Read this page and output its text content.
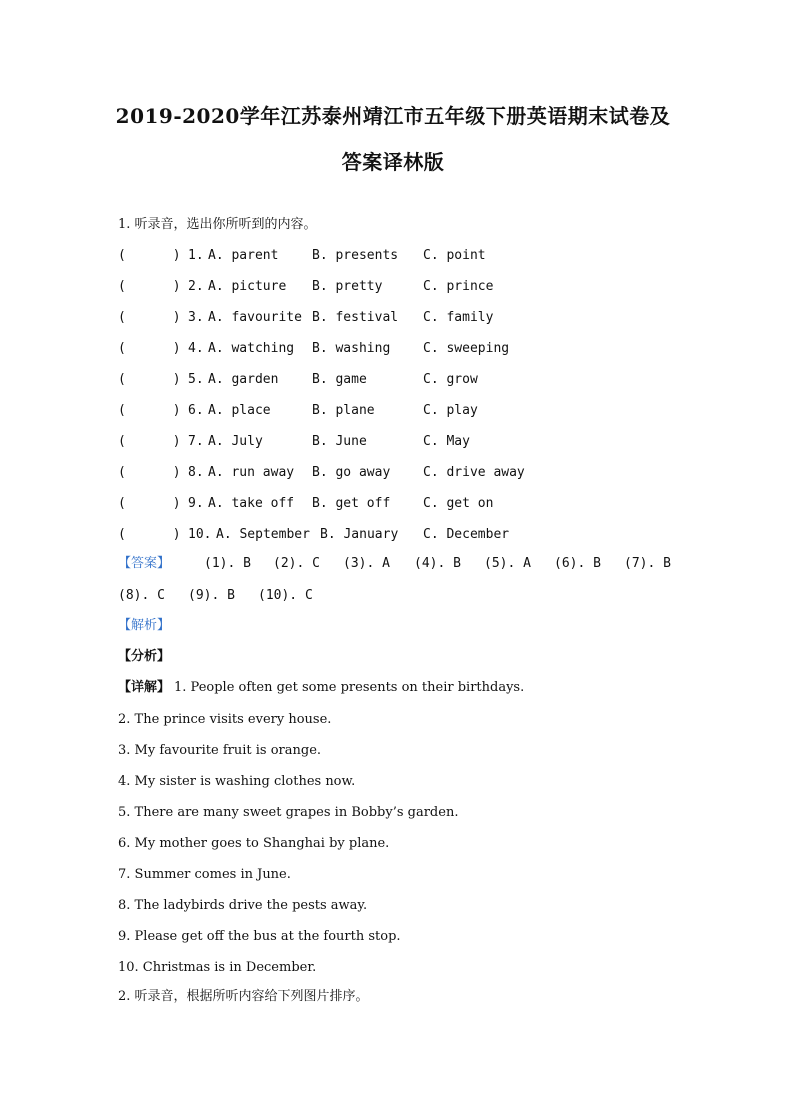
2019-2020学年江苏泰州靖江市五年级下册英语期末试卷及
答案译林版
1. 听录音，选出你所听到的内容。
(      ) 1. A. parent	B. presents C. point
(      ) 2. A. picture B. pretty	C. prince
(      ) 3. A. favourite B. festival C. family
(      ) 4. A. watching B. washing	C. sweeping
(      ) 5. A. garden	B. game	C. grow
(      ) 6. A. place	B. plane	C. play
(      ) 7. A. July	B. June	C. May
(      ) 8. A. run away B. go away	C. drive away
(      ) 9. A. take off B. get off	C. get on
(      ) 10. A. September B. January C. December
【答案】	(1). B (2). C (3). A (4). B (5). A (6). B (7). B
(8). C (9). B (10). C
【解析】
【分析】
【详解】 1. People often get some presents on their birthdays.
2. The prince visits every house.
3. My favourite fruit is orange.
4. My sister is washing clothes now.
5. There are many sweet grapes in Bobby’s garden.
6. My mother goes to Shanghai by plane.
7. Summer comes in June.
8. The ladybirds drive the pests away.
9. Please get off the bus at the fourth stop.
10. Christmas is in December.
2. 听录音，根据所听内容给下列图片排序。
